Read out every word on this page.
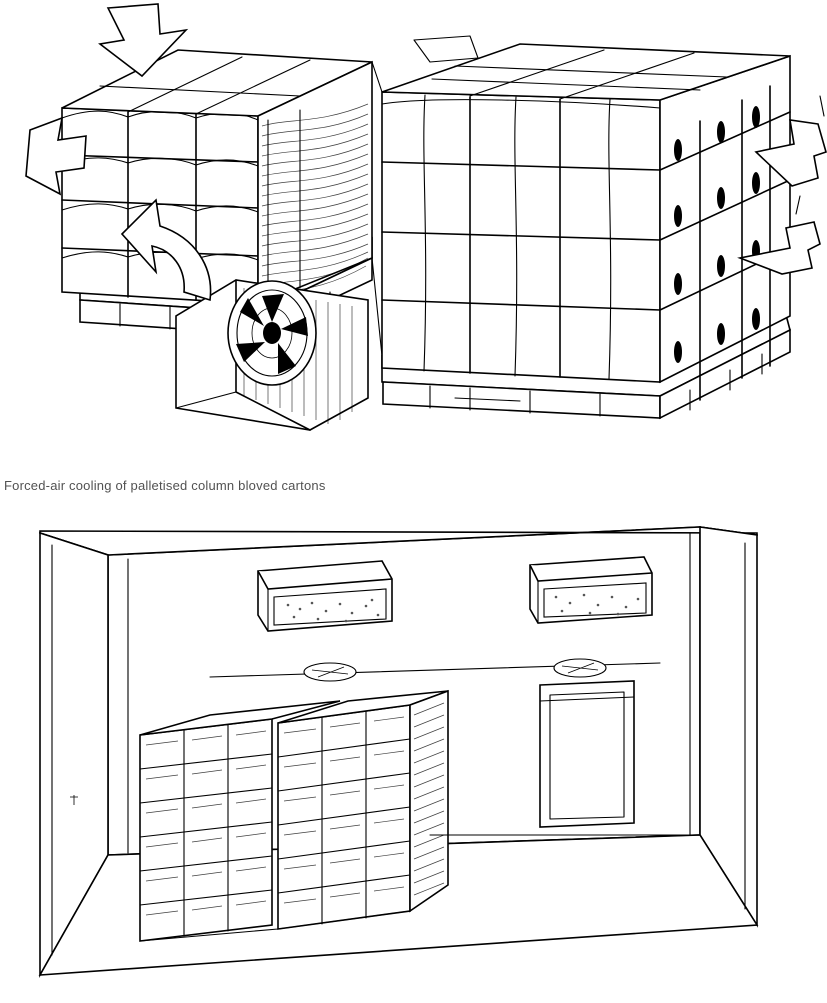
Forced-air cooling of palletised column bloved cartons
